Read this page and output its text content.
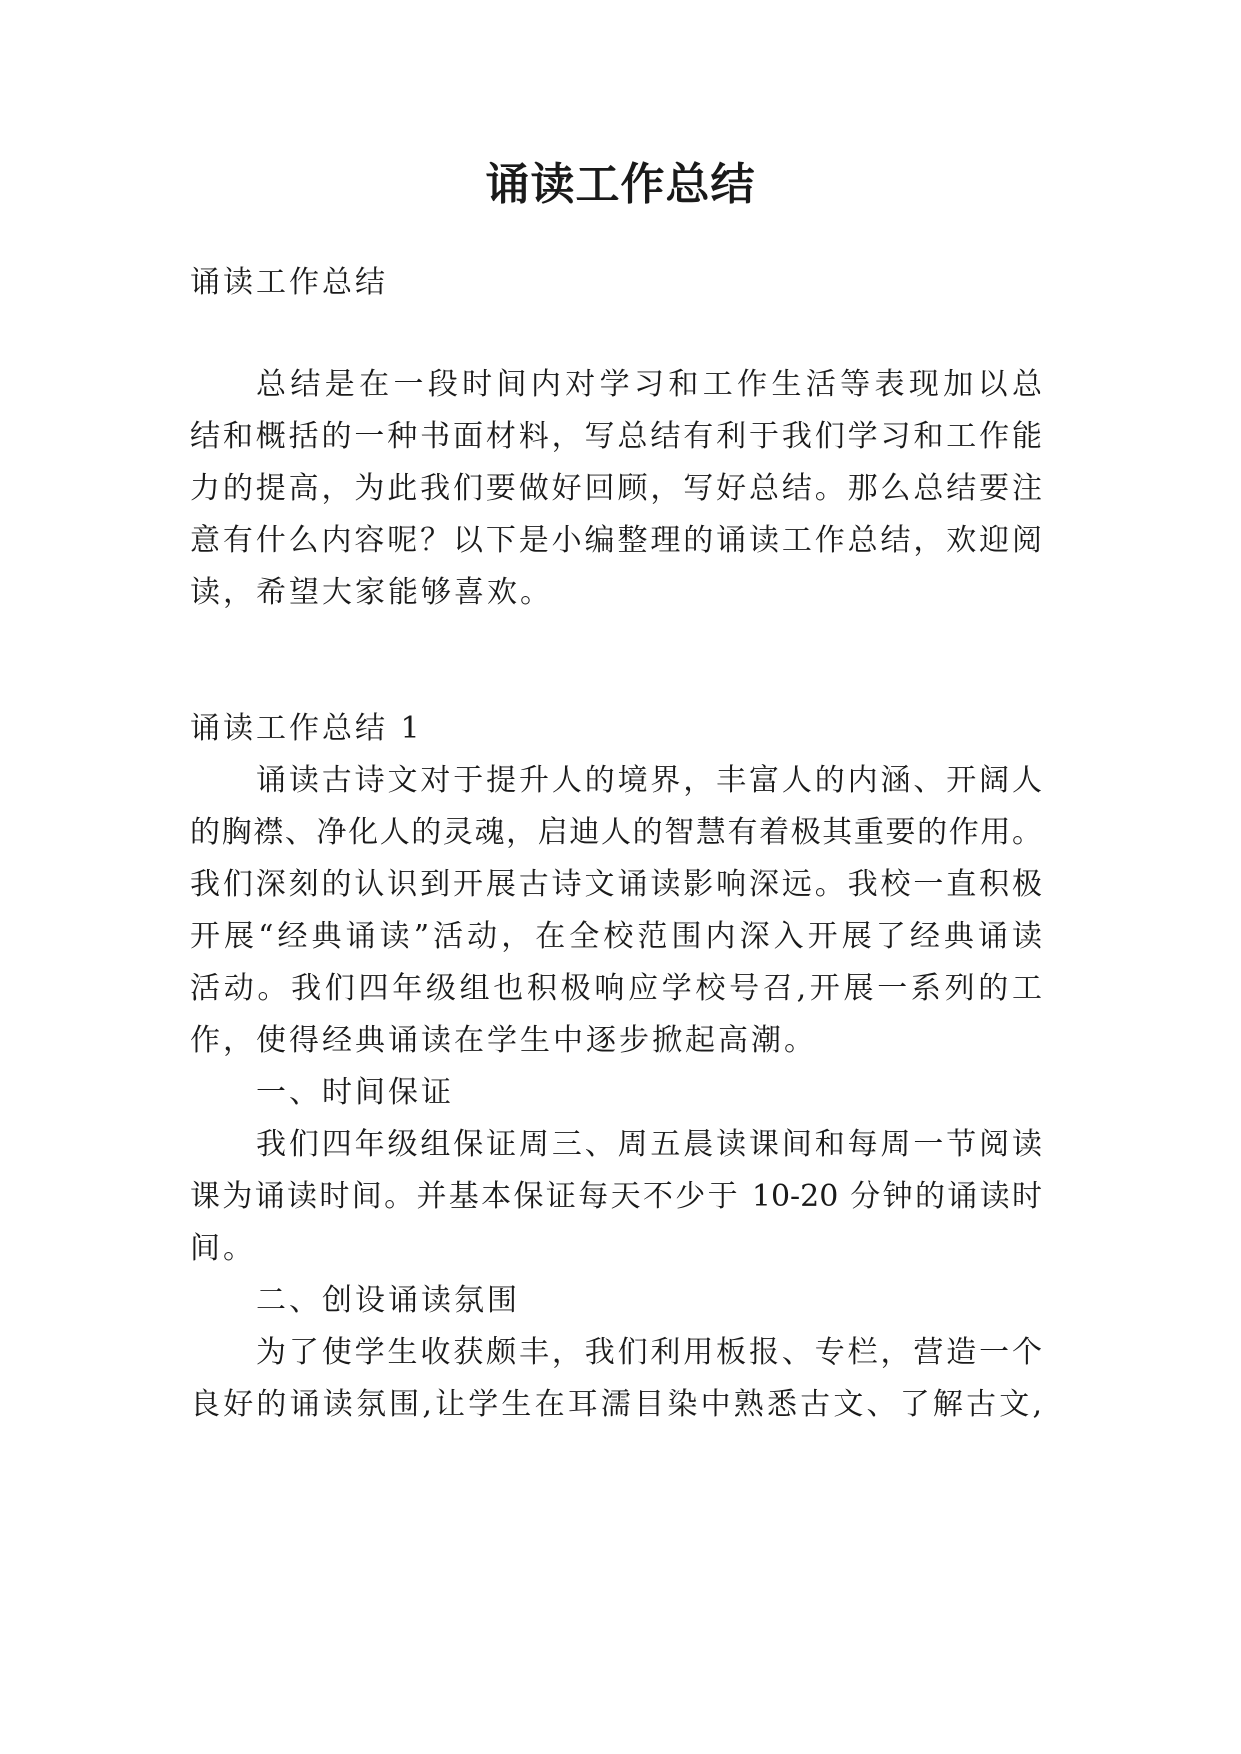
诵读工作总结
诵读工作总结
总结是在一段时间内对学习和工作生活等表现加以总
结和概括的一种书面材料，写总结有利于我们学习和工作能
力的提高，为此我们要做好回顾，写好总结。那么总结要注
意有什么内容呢？以下是小编整理的诵读工作总结，欢迎阅
读，希望大家能够喜欢。
诵读工作总结 1
诵读古诗文对于提升人的境界，丰富人的内涵、开阔人
的胸襟、净化人的灵魂，启迪人的智慧有着极其重要的作用。
我们深刻的认识到开展古诗文诵读影响深远。我校一直积极
开展“经典诵读”活动，在全校范围内深入开展了经典诵读
活动。我们四年级组也积极响应学校号召,开展一系列的工
作，使得经典诵读在学生中逐步掀起高潮。
一、时间保证
我们四年级组保证周三、周五晨读课间和每周一节阅读
课为诵读时间。并基本保证每天不少于 10-20 分钟的诵读时
间。
二、创设诵读氛围
为了使学生收获颇丰，我们利用板报、专栏，营造一个
良好的诵读氛围,让学生在耳濡目染中熟悉古文、了解古文,
